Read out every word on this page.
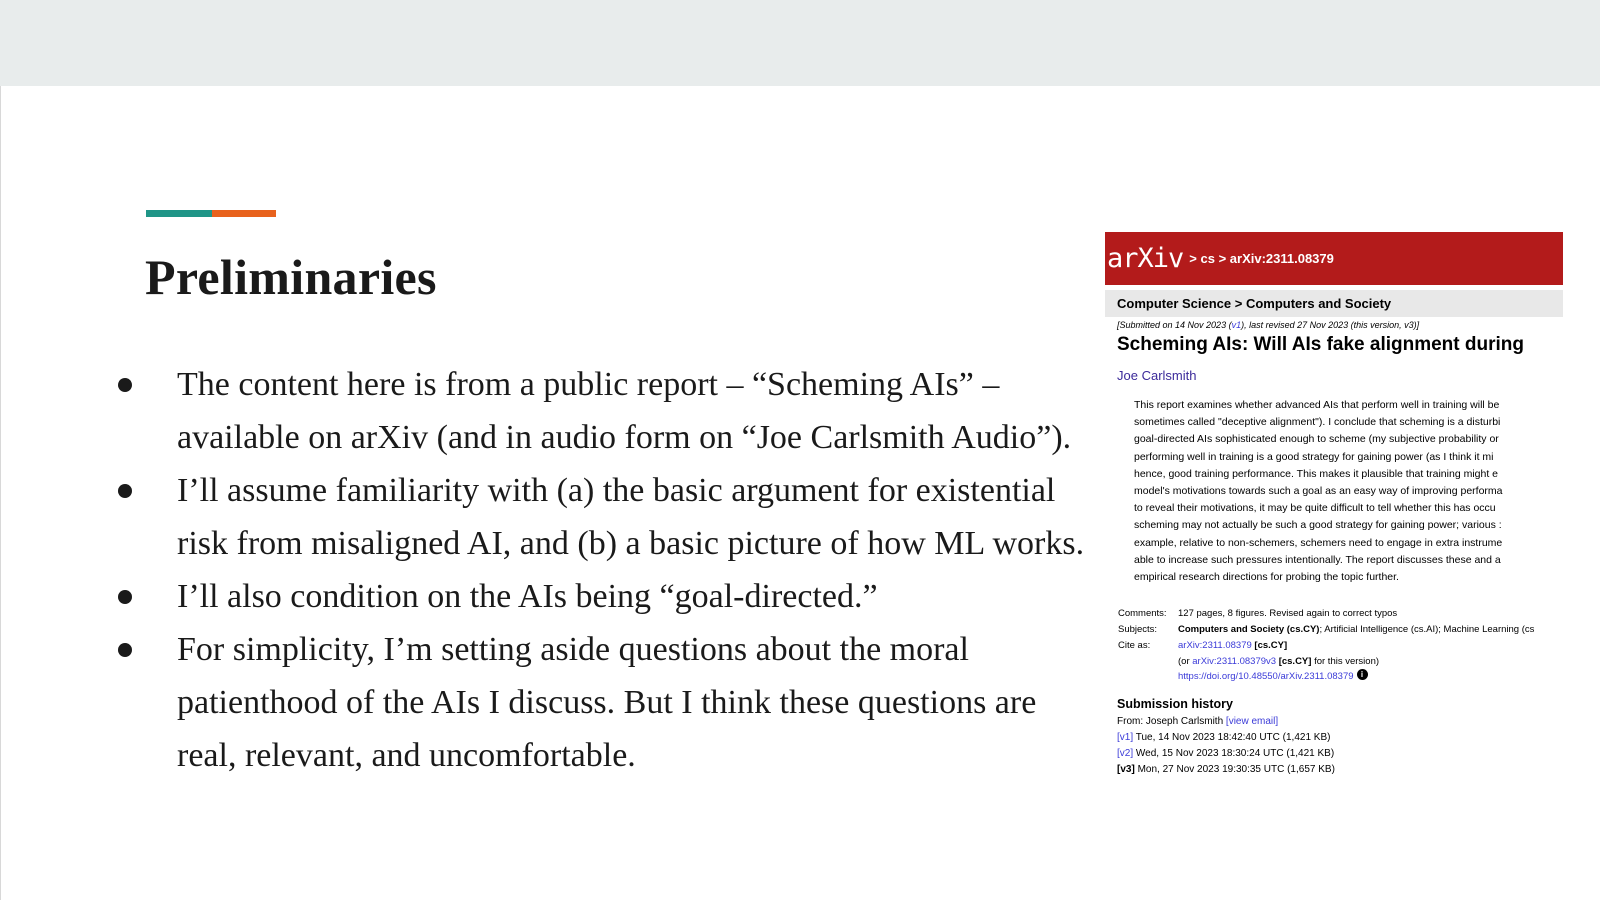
Preliminaries
The content here is from a public report – “Scheming AIs” – available on arXiv (and in audio form on “Joe Carlsmith Audio”).
I’ll assume familiarity with (a) the basic argument for existential risk from misaligned AI, and (b) a basic picture of how ML works.
I’ll also condition on the AIs being “goal-directed.”
For simplicity, I’m setting aside questions about the moral patienthood of the AIs I discuss. But I think these questions are real, relevant, and uncomfortable.
arXiv > cs > arXiv:2311.08379
Computer Science > Computers and Society
[Submitted on 14 Nov 2023 (v1), last revised 27 Nov 2023 (this version, v3)]
Scheming AIs: Will AIs fake alignment during
Joe Carlsmith
This report examines whether advanced AIs that perform well in training will be
sometimes called "deceptive alignment"). I conclude that scheming is a disturbi
goal-directed AIs sophisticated enough to scheme (my subjective probability or
performing well in training is a good strategy for gaining power (as I think it mi
hence, good training performance. This makes it plausible that training might e
model's motivations towards such a goal as an easy way of improving performa
to reveal their motivations, it may be quite difficult to tell whether this has occu
scheming may not actually be such a good strategy for gaining power; various :
example, relative to non-schemers, schemers need to engage in extra instrume
able to increase such pressures intentionally. The report discusses these and a
empirical research directions for probing the topic further.
Comments:	127 pages, 8 figures. Revised again to correct typos
Subjects:	Computers and Society (cs.CY); Artificial Intelligence (cs.AI); Machine Learning (cs
Cite as:	arXiv:2311.08379 [cs.CY]
(or arXiv:2311.08379v3 [cs.CY] for this version)
https://doi.org/10.48550/arXiv.2311.08379 i
Submission history
From: Joseph Carlsmith [view email]
[v1] Tue, 14 Nov 2023 18:42:40 UTC (1,421 KB)
[v2] Wed, 15 Nov 2023 18:30:24 UTC (1,421 KB)
[v3] Mon, 27 Nov 2023 19:30:35 UTC (1,657 KB)
